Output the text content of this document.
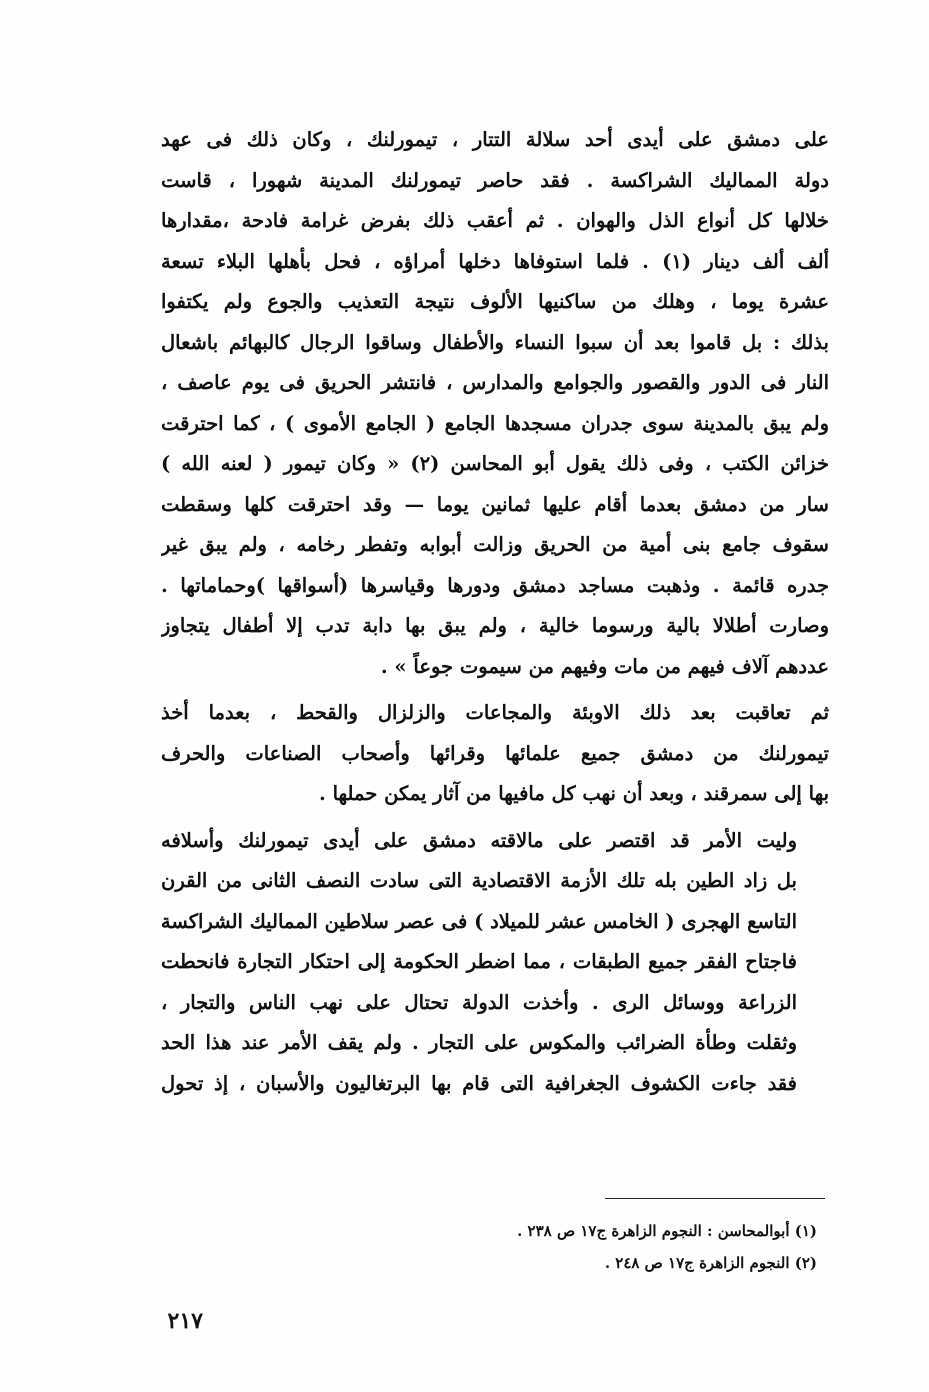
على دمشق على أيدى أحد سلالة التتار ، تيمورلنك ، وكان ذلك فى عهد
دولة المماليك الشراكسة . فقد حاصر تيمورلنك المدينة شهورا ، قاست
خلالها كل أنواع الذل والهوان . ثم أعقب ذلك بفرض غرامة فادحة ،مقدارها
ألف ألف دينار (١) . فلما استوفاها دخلها أمراؤه ، فحل بأهلها البلاء تسعة
عشرة يوما ، وهلك من ساكنيها الألوف نتيجة التعذيب والجوع ولم يكتفوا
بذلك : بل قاموا بعد أن سبوا النساء والأطفال وساقوا الرجال كالبهائم باشعال
النار فى الدور والقصور والجوامع والمدارس ، فانتشر الحريق فى يوم عاصف ،
ولم يبق بالمدينة سوى جدران مسجدها الجامع ( الجامع الأموى ) ، كما احترقت
خزائن الكتب ، وفى ذلك يقول أبو المحاسن (٢) « وكان تيمور ( لعنه الله )
سار من دمشق بعدما أقام عليها ثمانين يوما — وقد احترقت كلها وسقطت
سقوف جامع بنى أمية من الحريق وزالت أبوابه وتفطر رخامه ، ولم يبق غير
جدره قائمة . وذهبت مساجد دمشق ودورها وقياسرها (أسواقها )وحماماتها .
وصارت أطلالا بالية ورسوما خالية ، ولم يبق بها دابة تدب إلا أطفال يتجاوز
عددهم آلاف فيهم من مات وفيهم من سيموت جوعاً » .

ثم تعاقبت بعد ذلك الاوبئة والمجاعات والزلزال والقحط ، بعدما أخذ
تيمورلنك من دمشق جميع علمائها وقرائها وأصحاب الصناعات والحرف
بها إلى سمرقند ، وبعد أن نهب كل مافيها من آثار يمكن حملها .

وليت الأمر قد اقتصر على مالاقته دمشق على أيدى تيمورلنك وأسلافه
بل زاد الطين بله تلك الأزمة الاقتصادية التى سادت النصف الثانى من القرن
التاسع الهجرى ( الخامس عشر للميلاد ) فى عصر سلاطين المماليك الشراكسة
فاجتاح الفقر جميع الطبقات ، مما اضطر الحكومة إلى احتكار التجارة فانحطت
الزراعة ووسائل الرى . وأخذت الدولة تحتال على نهب الناس والتجار ،
وثقلت وطأة الضرائب والمكوس على التجار . ولم يقف الأمر عند هذا الحد
فقد جاءت الكشوف الجغرافية التى قام بها البرتغاليون والأسبان ، إذ تحول

(١) أبوالمحاسن : النجوم الزاهرة ج١٧ ص ٢٣٨ .
(٢) النجوم الزاهرة ج١٧ ص ٢٤٨ .
٢١٧
